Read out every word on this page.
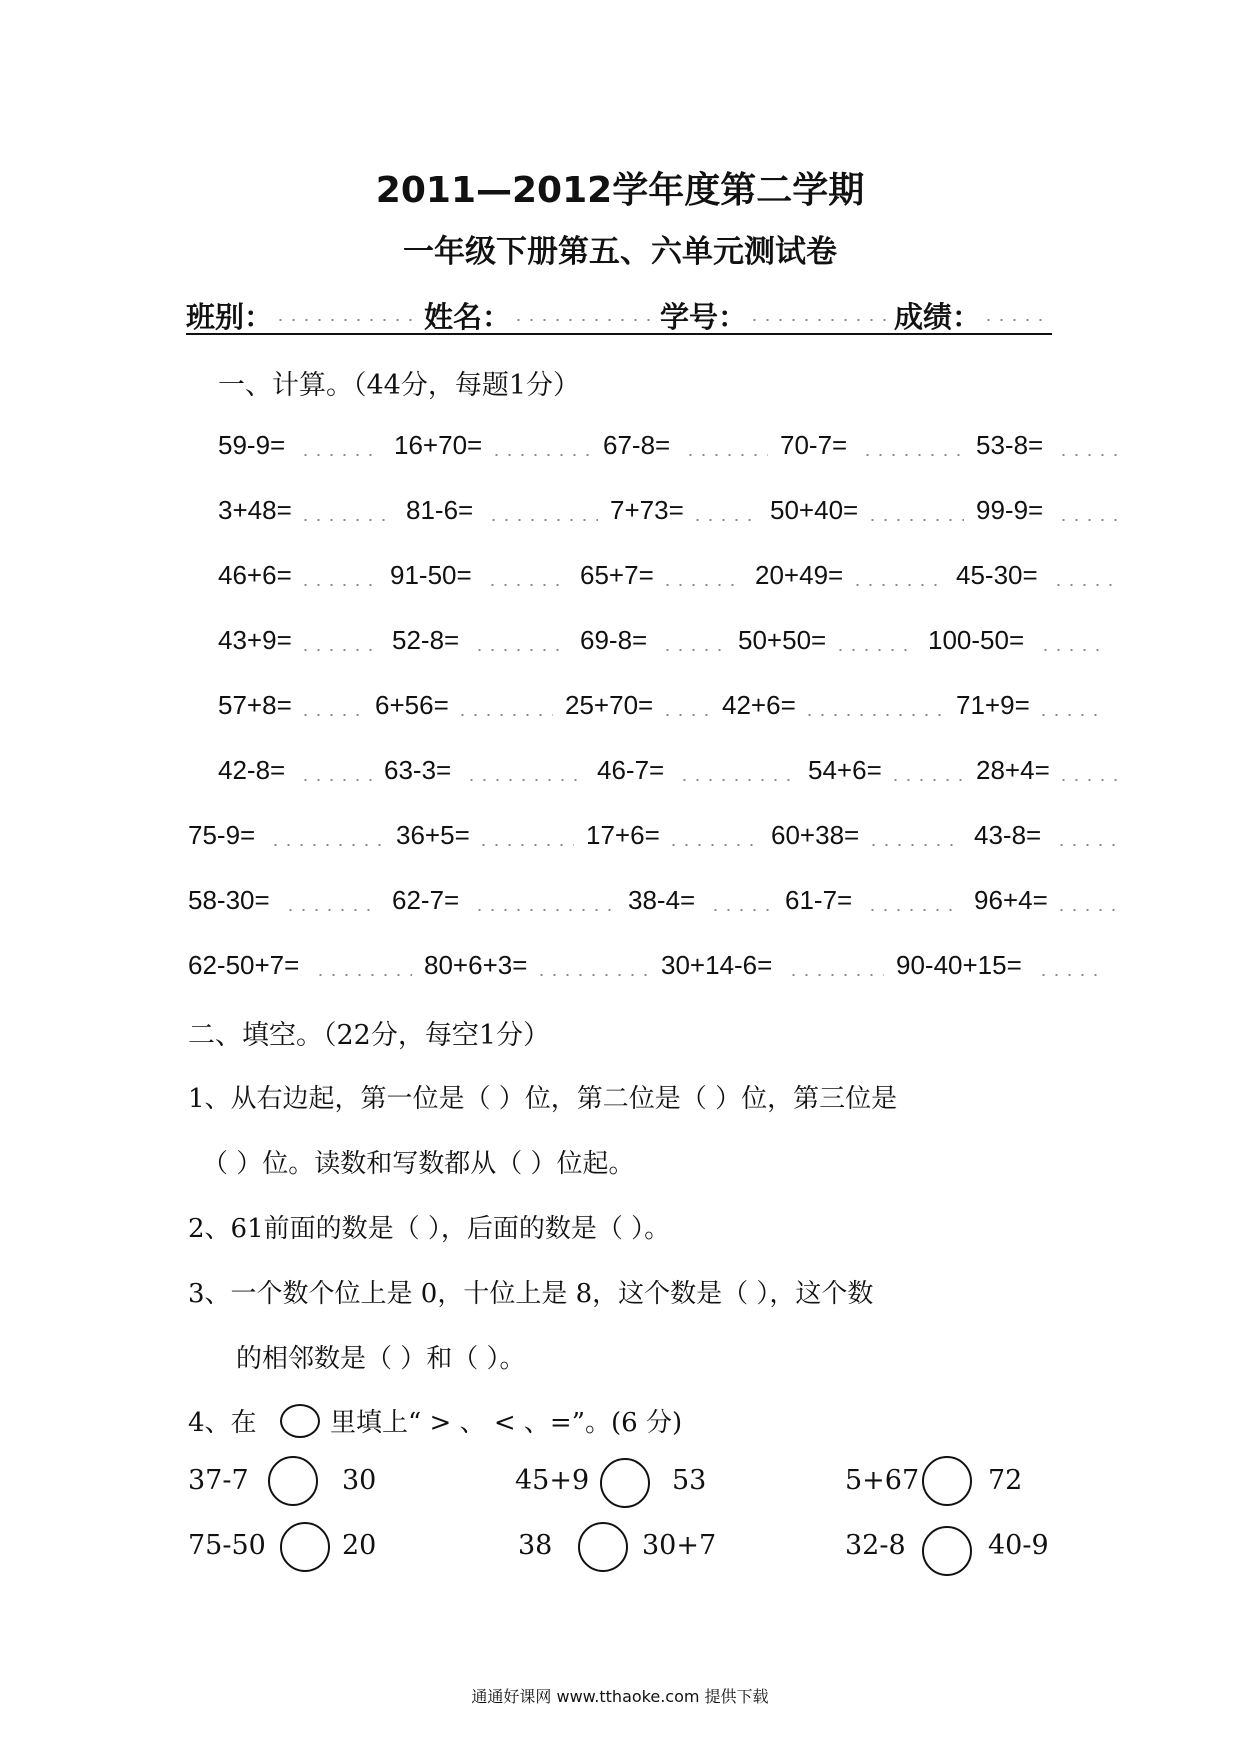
2011—2012学年度第二学期
一年级下册第五、六单元测试卷
班别：	姓名：	学号：	成绩：
一、计算。（44分，每题1分）
59-9=	16+70=	67-8=	70-7=	53-8=
3+48=	81-6=	7+73=	50+40=	99-9=
46+6=	91-50=	65+7=	20+49=	45-30=
43+9=	52-8=	69-8=	50+50=	100-50=
57+8=	6+56=	25+70=	42+6=	71+9=
42-8=	63-3=	46-7=	54+6=	28+4=
75-9=	36+5=	17+6=	60+38=	43-8=
58-30=	62-7=	38-4=	61-7=	96+4=
62-50+7=	80+6+3=	30+14-6=	90-40+15=
二、填空。（22分，每空1分）
1、从右边起，第一位是（ ）位，第二位是（ ）位，第三位是
（ ）位。读数和写数都从（ ）位起。
2、61前面的数是（ ），后面的数是（ ）。
3、一个数个位上是 0，十位上是 8，这个数是（ ），这个数
的相邻数是（ ）和（ ）。
4、在	里填上“ > 、 < 、=”。(6 分)
37-7	30	45+9	53	5+67	72
75-50	20	38	30+7	32-8	40-9
通通好课网 www.tthaoke.com 提供下载
